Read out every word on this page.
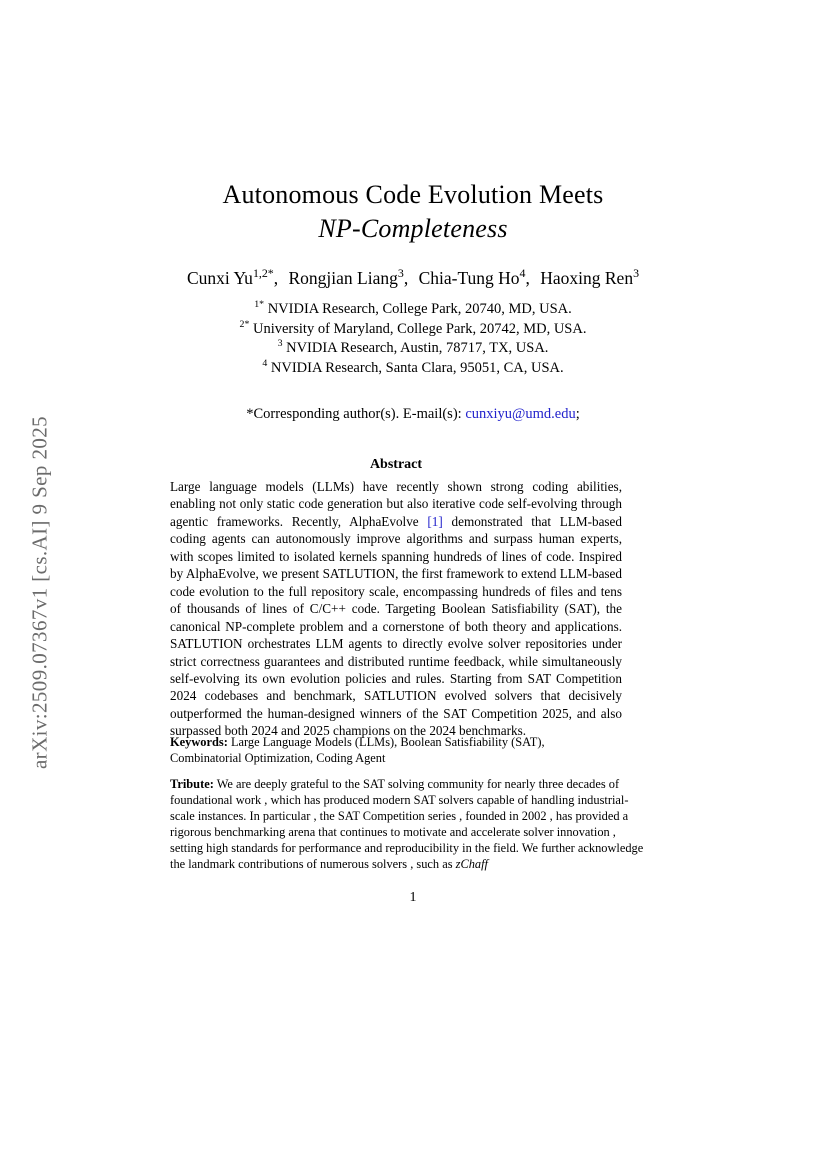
arXiv:2509.07367v1 [cs.AI] 9 Sep 2025
Autonomous Code Evolution Meets
NP-Completeness
Cunxi $Yu^{1,2*}$, Rongjian Liang$^3$, Chia-Tung Ho$^4$, Haoxing Ren$^3$
$^{1*}$ NVIDIA Research, College Park, 20740, MD, USA.
$^{2*}$ University of Maryland, College Park, 20742, MD, USA.
$^3$ NVIDIA Research, Austin, 78717, TX, USA.
$^4$ NVIDIA Research, Santa Clara, 95051, CA, USA.
*Corresponding author(s). E-mail(s): cunxiyu@umd.edu;
Abstract
Large language models (LLMs) have recently shown strong coding abilities, enabling not only static code generation but also iterative code self-evolving through agentic frameworks. Recently, AlphaEvolve [1] demonstrated that LLM-based coding agents can autonomously improve algorithms and surpass human experts, with scopes limited to isolated kernels spanning hundreds of lines of code. Inspired by AlphaEvolve, we present SATLUTION, the first framework to extend LLM-based code evolution to the full repository scale, encompassing hundreds of files and tens of thousands of lines of C/C++ code. Targeting Boolean Satisfiability (SAT), the canonical NP-complete problem and a cornerstone of both theory and applications. SATLUTION orchestrates LLM agents to directly evolve solver repositories under strict correctness guarantees and distributed runtime feedback, while simultaneously self-evolving its own evolution policies and rules. Starting from SAT Competition 2024 codebases and benchmark, SATLUTION evolved solvers that decisively outperformed the human-designed winners of the SAT Competition 2025, and also surpassed both 2024 and 2025 champions on the 2024 benchmarks.
Keywords: Large Language Models (LLMs), Boolean Satisfiability (SAT), Combinatorial Optimization, Coding Agent
Tribute: We are deeply grateful to the SAT solving community for nearly three decades of foundational work , which has produced modern SAT solvers capable of handling industrial-scale instances. In particular , the SAT Competition series , founded in 2002 , has provided a rigorous benchmarking arena that continues to motivate and accelerate solver innovation , setting high standards for performance and reproducibility in the field. We further acknowledge the landmark contributions of numerous solvers , such as zChaff
1
